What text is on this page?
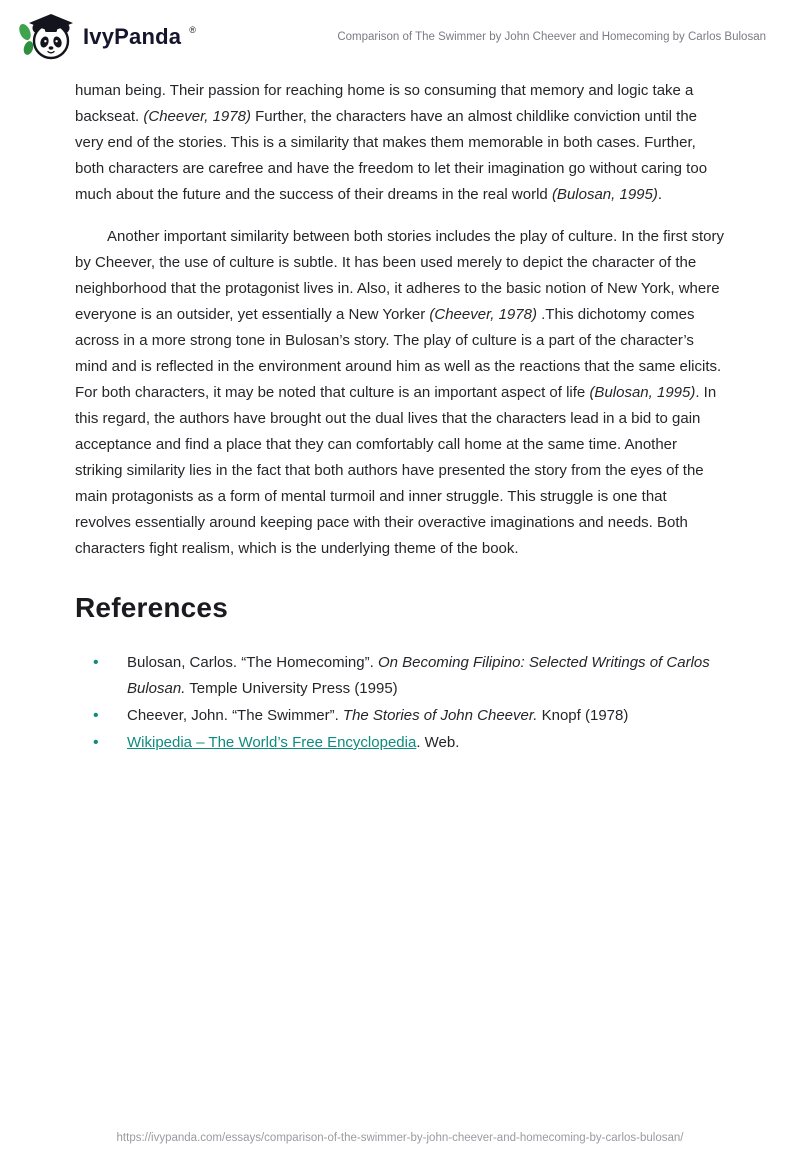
IvyPanda ®
Comparison of The Swimmer by John Cheever and Homecoming by Carlos Bulosan

human being. Their passion for reaching home is so consuming that memory and logic take a backseat. (Cheever, 1978) Further, the characters have an almost childlike conviction until the very end of the stories. This is a similarity that makes them memorable in both cases. Further, both characters are carefree and have the freedom to let their imagination go without caring too much about the future and the success of their dreams in the real world (Bulosan, 1995).

Another important similarity between both stories includes the play of culture. In the first story by Cheever, the use of culture is subtle. It has been used merely to depict the character of the neighborhood that the protagonist lives in. Also, it adheres to the basic notion of New York, where everyone is an outsider, yet essentially a New Yorker (Cheever, 1978) .This dichotomy comes across in a more strong tone in Bulosan’s story. The play of culture is a part of the character’s mind and is reflected in the environment around him as well as the reactions that the same elicits. For both characters, it may be noted that culture is an important aspect of life (Bulosan, 1995). In this regard, the authors have brought out the dual lives that the characters lead in a bid to gain acceptance and find a place that they can comfortably call home at the same time. Another striking similarity lies in the fact that both authors have presented the story from the eyes of the main protagonists as a form of mental turmoil and inner struggle. This struggle is one that revolves essentially around keeping pace with their overactive imaginations and needs. Both characters fight realism, which is the underlying theme of the book.

References
• Bulosan, Carlos. “The Homecoming”. On Becoming Filipino: Selected Writings of Carlos Bulosan. Temple University Press (1995)
• Cheever, John. “The Swimmer”. The Stories of John Cheever. Knopf (1978)
• Wikipedia – The World’s Free Encyclopedia. Web.
https://ivypanda.com/essays/comparison-of-the-swimmer-by-john-cheever-and-homecoming-by-carlos-bulosan/
